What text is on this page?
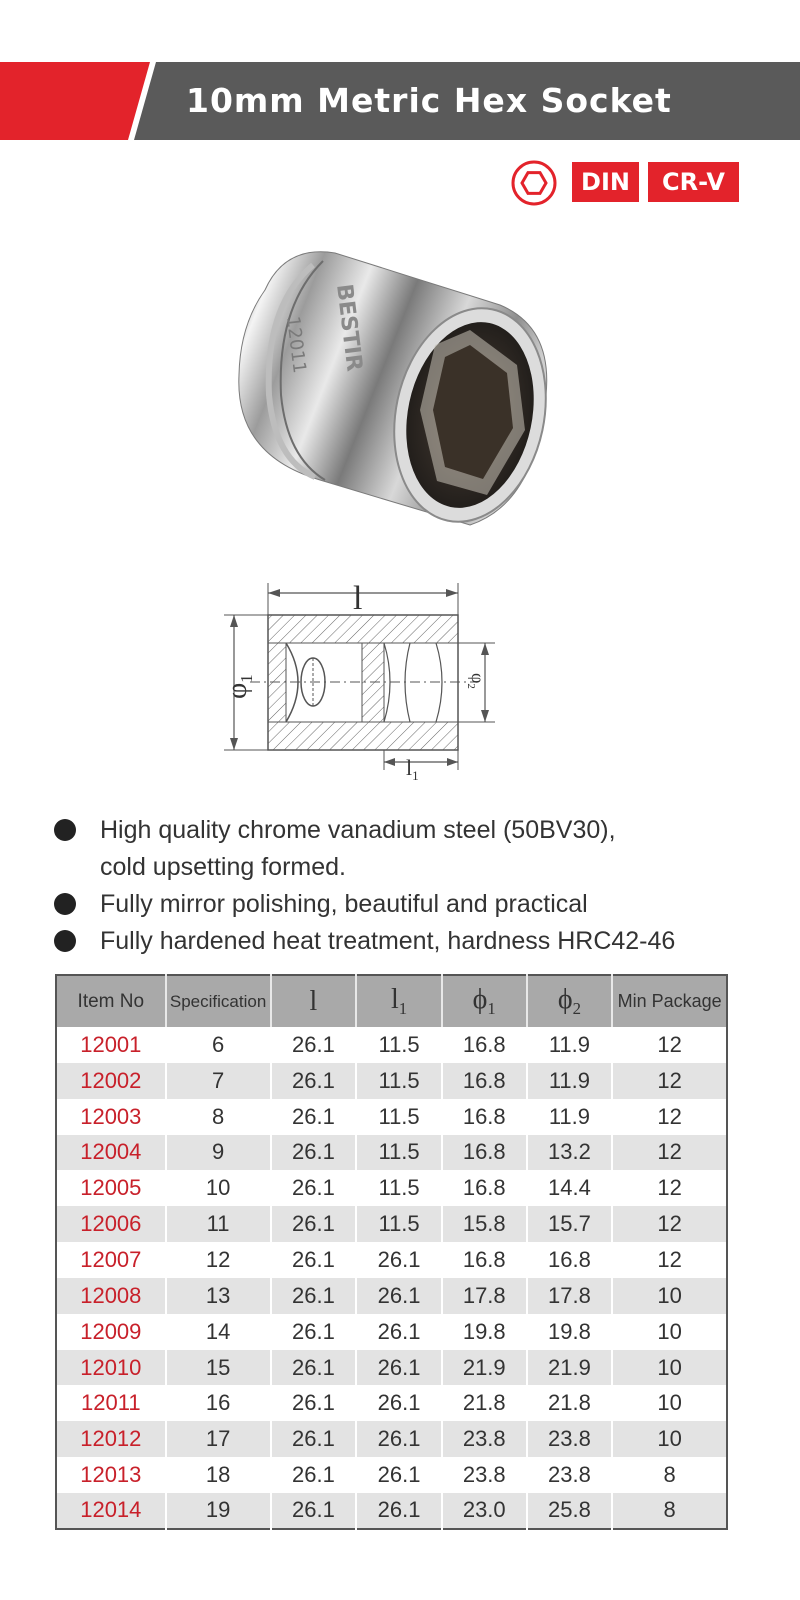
10mm Metric Hex Socket
DIN	CR-V
BESTIR
12011
l
$l_1$
$\varphi_1$	$\varphi_2$
High quality chrome vanadium steel (50BV30),
cold upsetting formed.
Fully mirror polishing, beautiful and practical
Fully hardened heat treatment, hardness HRC42-46
Item No	Specification	l	$l_1$	$\phi_1$	$\phi_2$	Min Package
12001	6	26.1	11.5	16.8	11.9	12
12002	7	26.1	11.5	16.8	11.9	12
12003	8	26.1	11.5	16.8	11.9	12
12004	9	26.1	11.5	16.8	13.2	12
12005	10	26.1	11.5	16.8	14.4	12
12006	11	26.1	11.5	15.8	15.7	12
12007	12	26.1	26.1	16.8	16.8	12
12008	13	26.1	26.1	17.8	17.8	10
12009	14	26.1	26.1	19.8	19.8	10
12010	15	26.1	26.1	21.9	21.9	10
12011	16	26.1	26.1	21.8	21.8	10
12012	17	26.1	26.1	23.8	23.8	10
12013	18	26.1	26.1	23.8	23.8	8
12014	19	26.1	26.1	23.0	25.8	8
